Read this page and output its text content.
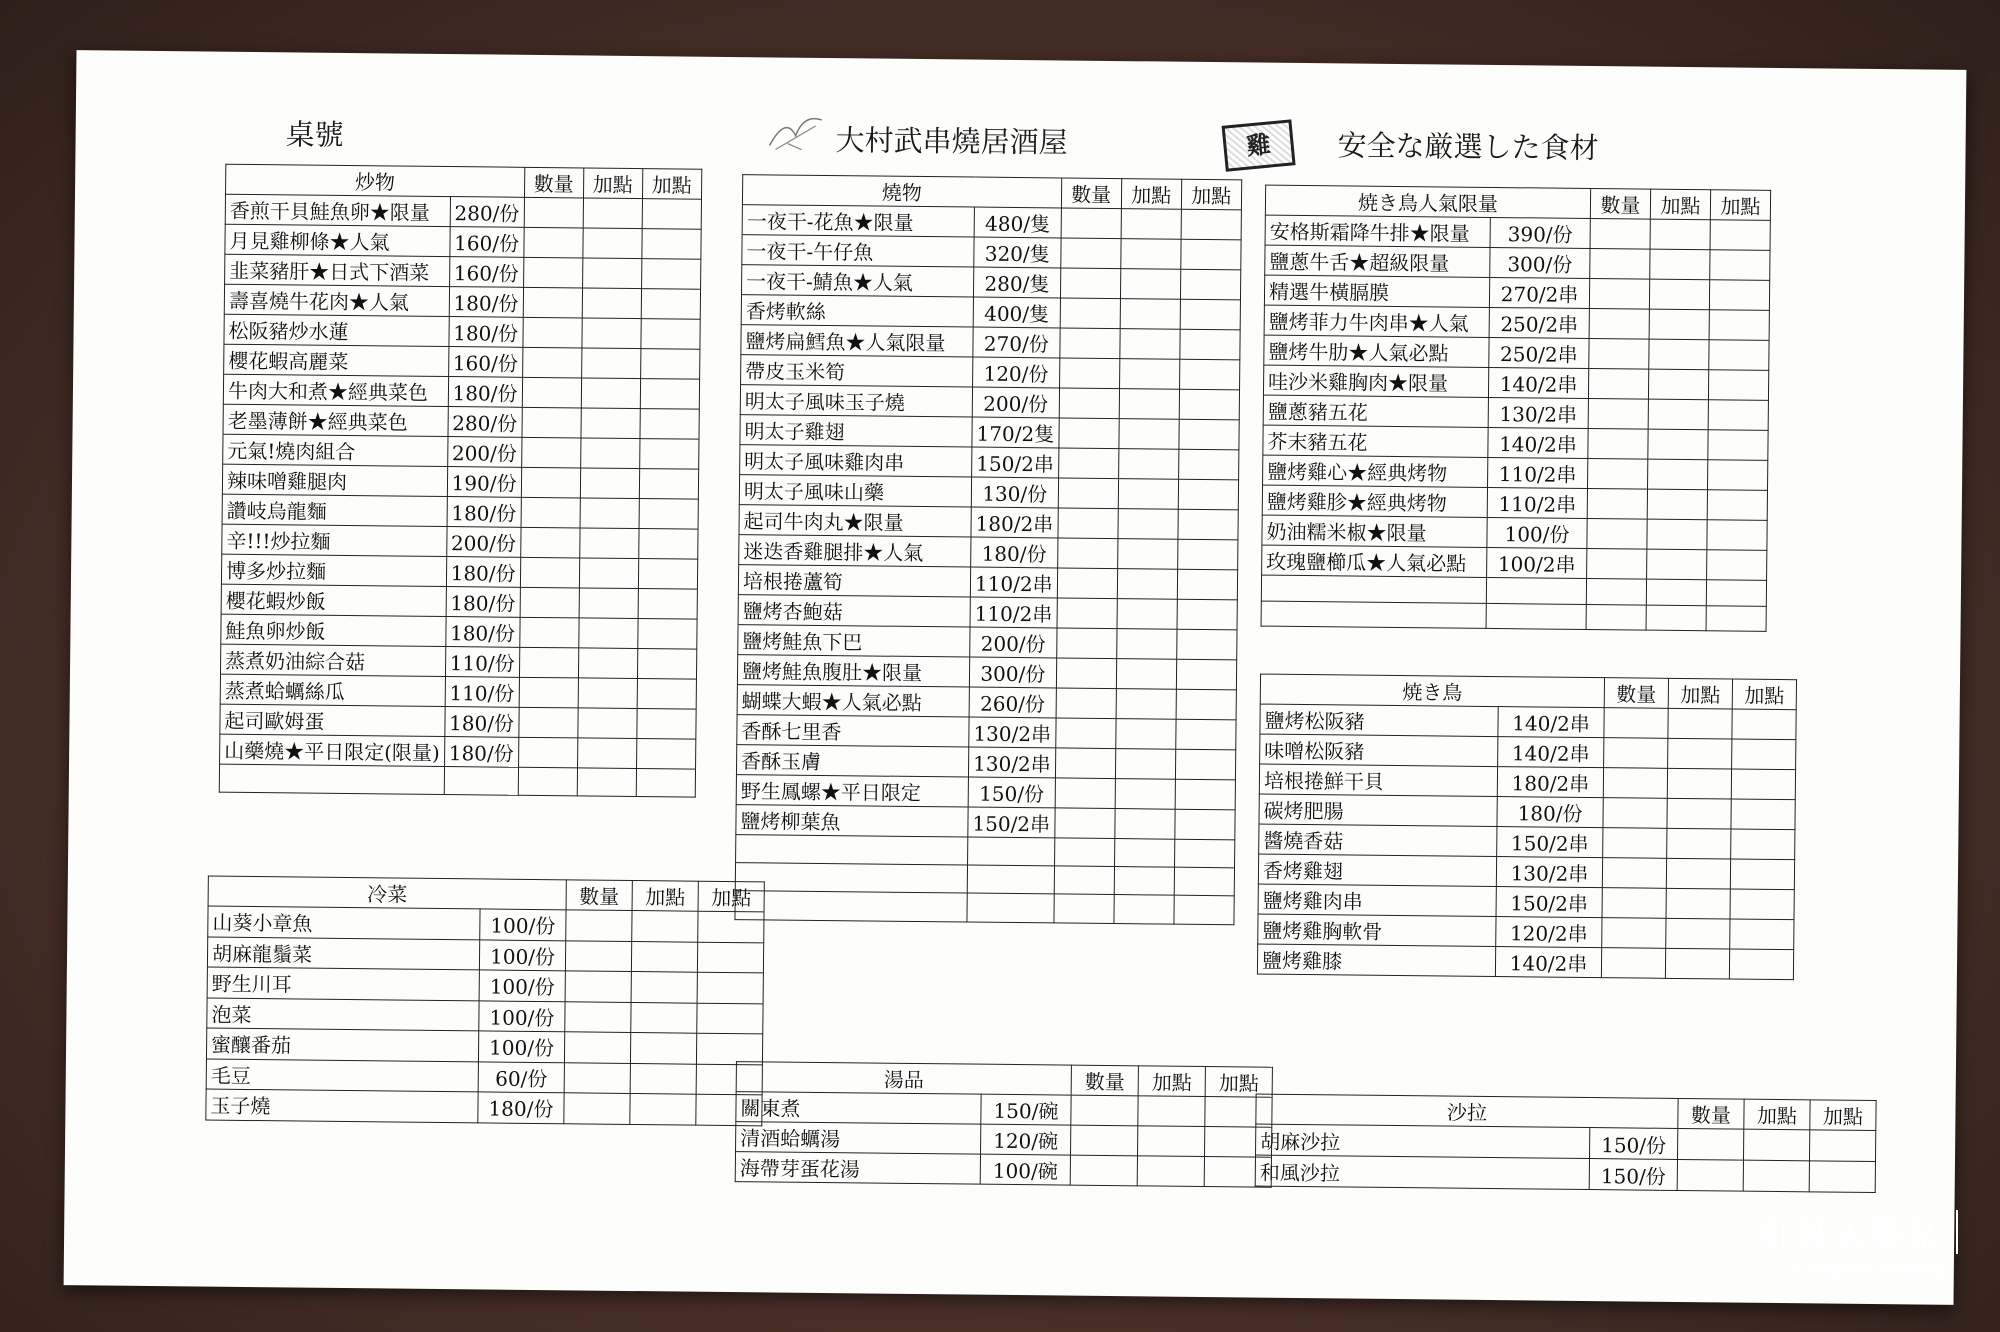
桌號	大村武串燒居酒屋	雞	安全な厳選した食材
炒物		數量	加點	加點
香煎干貝鮭魚卵★限量	280/份			
月見雞柳條★人氣	160/份			
韭菜豬肝★日式下酒菜	160/份			
壽喜燒牛花肉★人氣	180/份			
松阪豬炒水蓮	180/份			
櫻花蝦高麗菜	160/份			
牛肉大和煮★經典菜色	180/份			
老墨薄餅★經典菜色	280/份			
元氣!燒肉組合	200/份			
辣味噌雞腿肉	190/份			
讚岐烏龍麵	180/份			
辛!!!炒拉麵	200/份			
博多炒拉麵	180/份			
櫻花蝦炒飯	180/份			
鮭魚卵炒飯	180/份			
蒸煮奶油綜合菇	110/份			
蒸煮蛤蠣絲瓜	110/份			
起司歐姆蛋	180/份			
山藥燒★平日限定(限量)	180/份			

冷菜		數量	加點	加點
山葵小章魚	100/份			
胡麻龍鬚菜	100/份			
野生川耳	100/份			
泡菜	100/份			
蜜釀番茄	100/份			
毛豆	60/份			
玉子燒	180/份			
燒物		數量	加點	加點
一夜干-花魚★限量	480/隻			
一夜干-午仔魚	320/隻			
一夜干-鯖魚★人氣	280/隻			
香烤軟絲	400/隻			
鹽烤扁鱈魚★人氣限量	270/份			
帶皮玉米筍	120/份			
明太子風味玉子燒	200/份			
明太子雞翅	170/2隻			
明太子風味雞肉串	150/2串			
明太子風味山藥	130/份			
起司牛肉丸★限量	180/2串			
迷迭香雞腿排★人氣	180/份			
培根捲蘆筍	110/2串			
鹽烤杏鮑菇	110/2串			
鹽烤鮭魚下巴	200/份			
鹽烤鮭魚腹肚★限量	300/份			
蝴蝶大蝦★人氣必點	260/份			
香酥七里香	130/2串			
香酥玉膚	130/2串			
野生鳳螺★平日限定	150/份			
鹽烤柳葉魚	150/2串			

湯品		數量	加點	加點
關東煮	150/碗			
清酒蛤蠣湯	120/碗			
海帶芽蛋花湯	100/碗			
焼き鳥人氣限量		數量	加點	加點
安格斯霜降牛排★限量	390/份			
鹽蔥牛舌★超級限量	300/份			
精選牛橫膈膜	270/2串			
鹽烤菲力牛肉串★人氣	250/2串			
鹽烤牛肋★人氣必點	250/2串			
哇沙米雞胸肉★限量	140/2串			
鹽蔥豬五花	130/2串			
芥末豬五花	140/2串			
鹽烤雞心★經典烤物	110/2串			
鹽烤雞胗★經典烤物	110/2串			
奶油糯米椒★限量	100/份			
玫瑰鹽櫛瓜★人氣必點	100/2串			

焼き鳥		數量	加點	加點
鹽烤松阪豬	140/2串			
味噌松阪豬	140/2串			
培根捲鮮干貝	180/2串			
碳烤肥腸	180/份			
醬燒香菇	150/2串			
香烤雞翅	130/2串			
鹽烤雞肉串	150/2串			
鹽烤雞胸軟骨	120/2串			
鹽烤雞膝	140/2串			
沙拉		數量	加點	加點
胡麻沙拉	150/份			
和風沙拉	150/份			
軒軒去哪兒
⚠ Syuan's sharing
